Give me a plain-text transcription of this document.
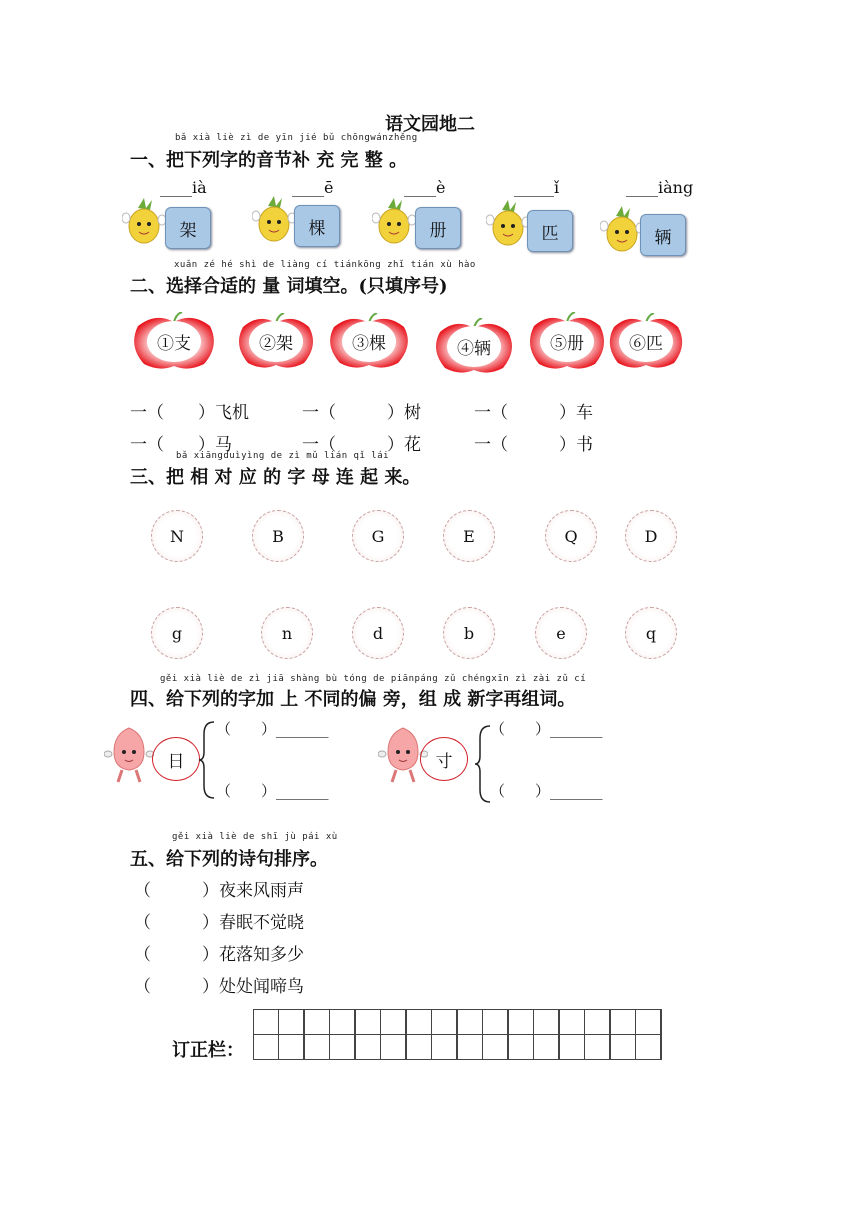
语文园地二
bǎ xià liè zì de yīn jié bǔ chōngwánzhěng
一、把下列字的音节补 充 完 整 。
____ià	____ē	____è	_____ǐ	____iàng
架	棵	册	匹	辆
xuǎn zé hé shì de liàng cí tiánkōng zhǐ tián xù hào
二、选择合适的 量 词填空。(只填序号)
①支	②架	③棵	④辆	⑤册	⑥匹
一（　　）飞机	一（　　　）树	一（　　　）车
一（　　）马	一（　　　）花	一（　　　）书
bǎ xiāngduìyìng de zì mǔ lián qǐ lái
三、把 相 对 应 的 字 母 连 起 来。
N	B	G	E	Q	D
g	n	d	b	e	q
gěi xià liè de zì jiā shàng bù tóng de piānpáng zǔ chéngxīn zì zài zǔ cí
四、给下列的字加 上 不同的偏 旁，组 成 新字再组词。
日
（　　）_______
（　　）_______
寸
（　　）_______
（　　）_______
gěi xià liè de shī jù pái xù
五、给下列的诗句排序。
（　　　）夜来风雨声
（　　　）春眠不觉晓
（　　　）花落知多少
（　　　）处处闻啼鸟
订正栏：
